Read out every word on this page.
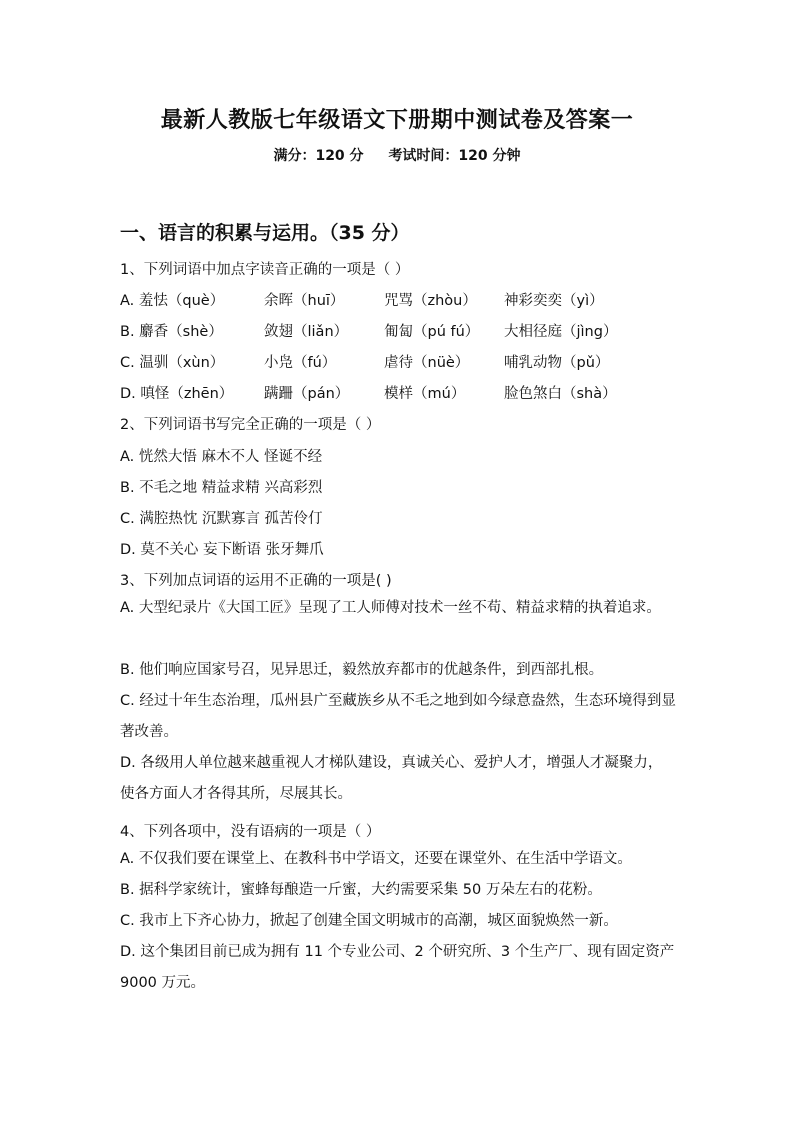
最新人教版七年级语文下册期中测试卷及答案一
满分：120 分 考试时间：120 分钟
一、语言的积累与运用。（35 分）
1、下列词语中加点字读音正确的一项是（ ）
A. 羞怯（què）	余晖（huī）	咒骂（zhòu） 神彩奕奕（yì）
B. 麝香（shè）	敛翅（liǎn） 匍匐（pú fú） 大相径庭（jìng）
C. 温驯（xùn）	小凫（fú）	虐待（nüè） 哺乳动物（pǔ）
D. 嗔怪（zhēn） 蹒跚（pán） 模样（mú）	脸色煞白（shà）
2、下列词语书写完全正确的一项是（ ）
A. 恍然大悟 麻木不人 怪诞不经
B. 不毛之地 精益求精 兴高彩烈
C. 满腔热忱 沉默寡言 孤苦伶仃
D. 莫不关心 妄下断语 张牙舞爪
3、下列加点词语的运用不正确的一项是( )
A. 大型纪录片《大国工匠》呈现了工人师傅对技术一丝不苟、精益求精的执着追求。
B. 他们响应国家号召，见异思迁，毅然放弃都市的优越条件，到西部扎根。
C. 经过十年生态治理，瓜州县广至藏族乡从不毛之地到如今绿意盎然，生态环境得到显著改善。
D. 各级用人单位越来越重视人才梯队建设，真诚关心、爱护人才，增强人才凝聚力，使各方面人才各得其所，尽展其长。
4、下列各项中，没有语病的一项是（ ）
A. 不仅我们要在课堂上、在教科书中学语文，还要在课堂外、在生活中学语文。
B. 据科学家统计，蜜蜂每酿造一斤蜜，大约需要采集 50 万朵左右的花粉。
C. 我市上下齐心协力，掀起了创建全国文明城市的高潮，城区面貌焕然一新。
D. 这个集团目前已成为拥有 11 个专业公司、2 个研究所、3 个生产厂、现有固定资产 9000 万元。
